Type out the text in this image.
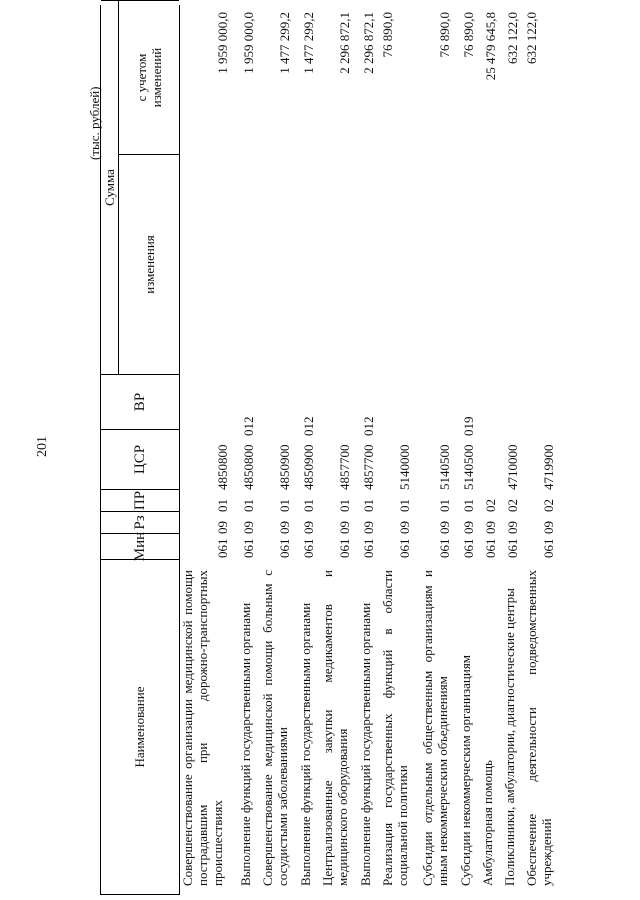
201
(тыс. рублей)
Наименование
Мин
Рз
ПР
ЦСР
ВР
Сумма
изменения
с учетом изменений
Совершенствование организации медицинской помощи пострадавшим при дорожно-транспортных происшествиях
061
09
01
4850800
1 959 000,0
Выполнение функций государственными органами
061
09
01
4850800
012
1 959 000,0
Совершенствование медицинской помощи больным с сосудистыми заболеваниями
061
09
01
4850900
1 477 299,2
Выполнение функций государственными органами
061
09
01
4850900
012
1 477 299,2
Централизованные закупки медикаментов и медицинского оборудования
061
09
01
4857700
2 296 872,1
Выполнение функций государственными органами
061
09
01
4857700
012
2 296 872,1
Реализация государственных функций в области социальной политики
061
09
01
5140000
76 890,0
Субсидии отдельным общественным организациям и иным некоммерческим объединениям
061
09
01
5140500
76 890,0
Субсидии некоммерческим организациям
061
09
01
5140500
019
76 890,0
Амбулаторная помощь
061
09
02
25 479 645,8
Поликлиники, амбулатории, диагностические центры
061
09
02
4710000
632 122,0
Обеспечение деятельности подведомственных учреждений
061
09
02
4719900
632 122,0
